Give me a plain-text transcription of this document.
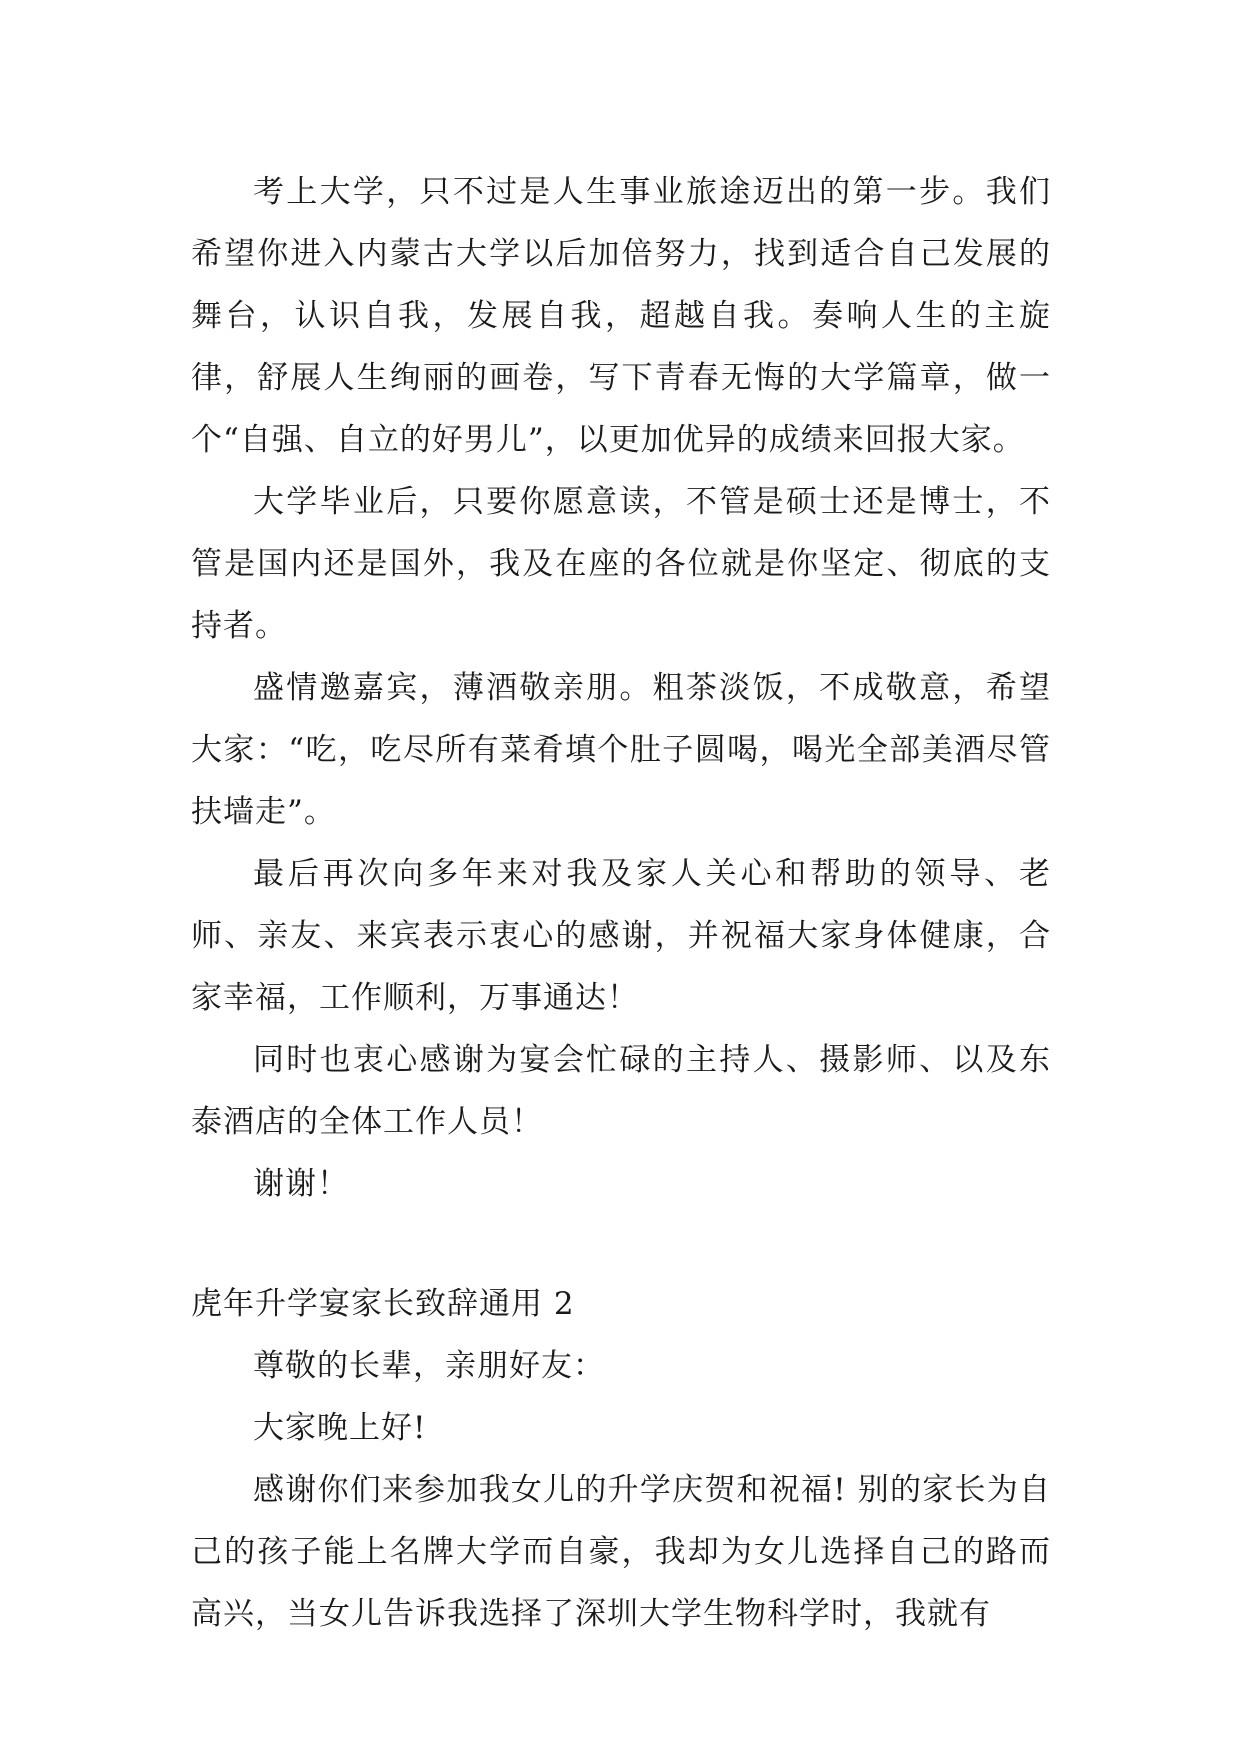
考上大学，只不过是人生事业旅途迈出的第一步。我们希望你进入内蒙古大学以后加倍努力，找到适合自己发展的舞台，认识自我，发展自我，超越自我。奏响人生的主旋律，舒展人生绚丽的画卷，写下青春无悔的大学篇章，做一个“自强、自立的好男儿”，以更加优异的成绩来回报大家。

大学毕业后，只要你愿意读，不管是硕士还是博士，不管是国内还是国外，我及在座的各位就是你坚定、彻底的支持者。

盛情邀嘉宾，薄酒敬亲朋。粗茶淡饭，不成敬意，希望大家：“吃，吃尽所有菜肴填个肚子圆喝，喝光全部美酒尽管扶墙走”。

最后再次向多年来对我及家人关心和帮助的领导、老师、亲友、来宾表示衷心的感谢，并祝福大家身体健康，合家幸福，工作顺利，万事通达！

同时也衷心感谢为宴会忙碌的主持人、摄影师、以及东泰酒店的全体工作人员！

谢谢！

虎年升学宴家长致辞通用 2

尊敬的长辈，亲朋好友：

大家晚上好!

感谢你们来参加我女儿的升学庆贺和祝福! 别的家长为自己的孩子能上名牌大学而自豪，我却为女儿选择自己的路而高兴，当女儿告诉我选择了深圳大学生物科学时，我就有
